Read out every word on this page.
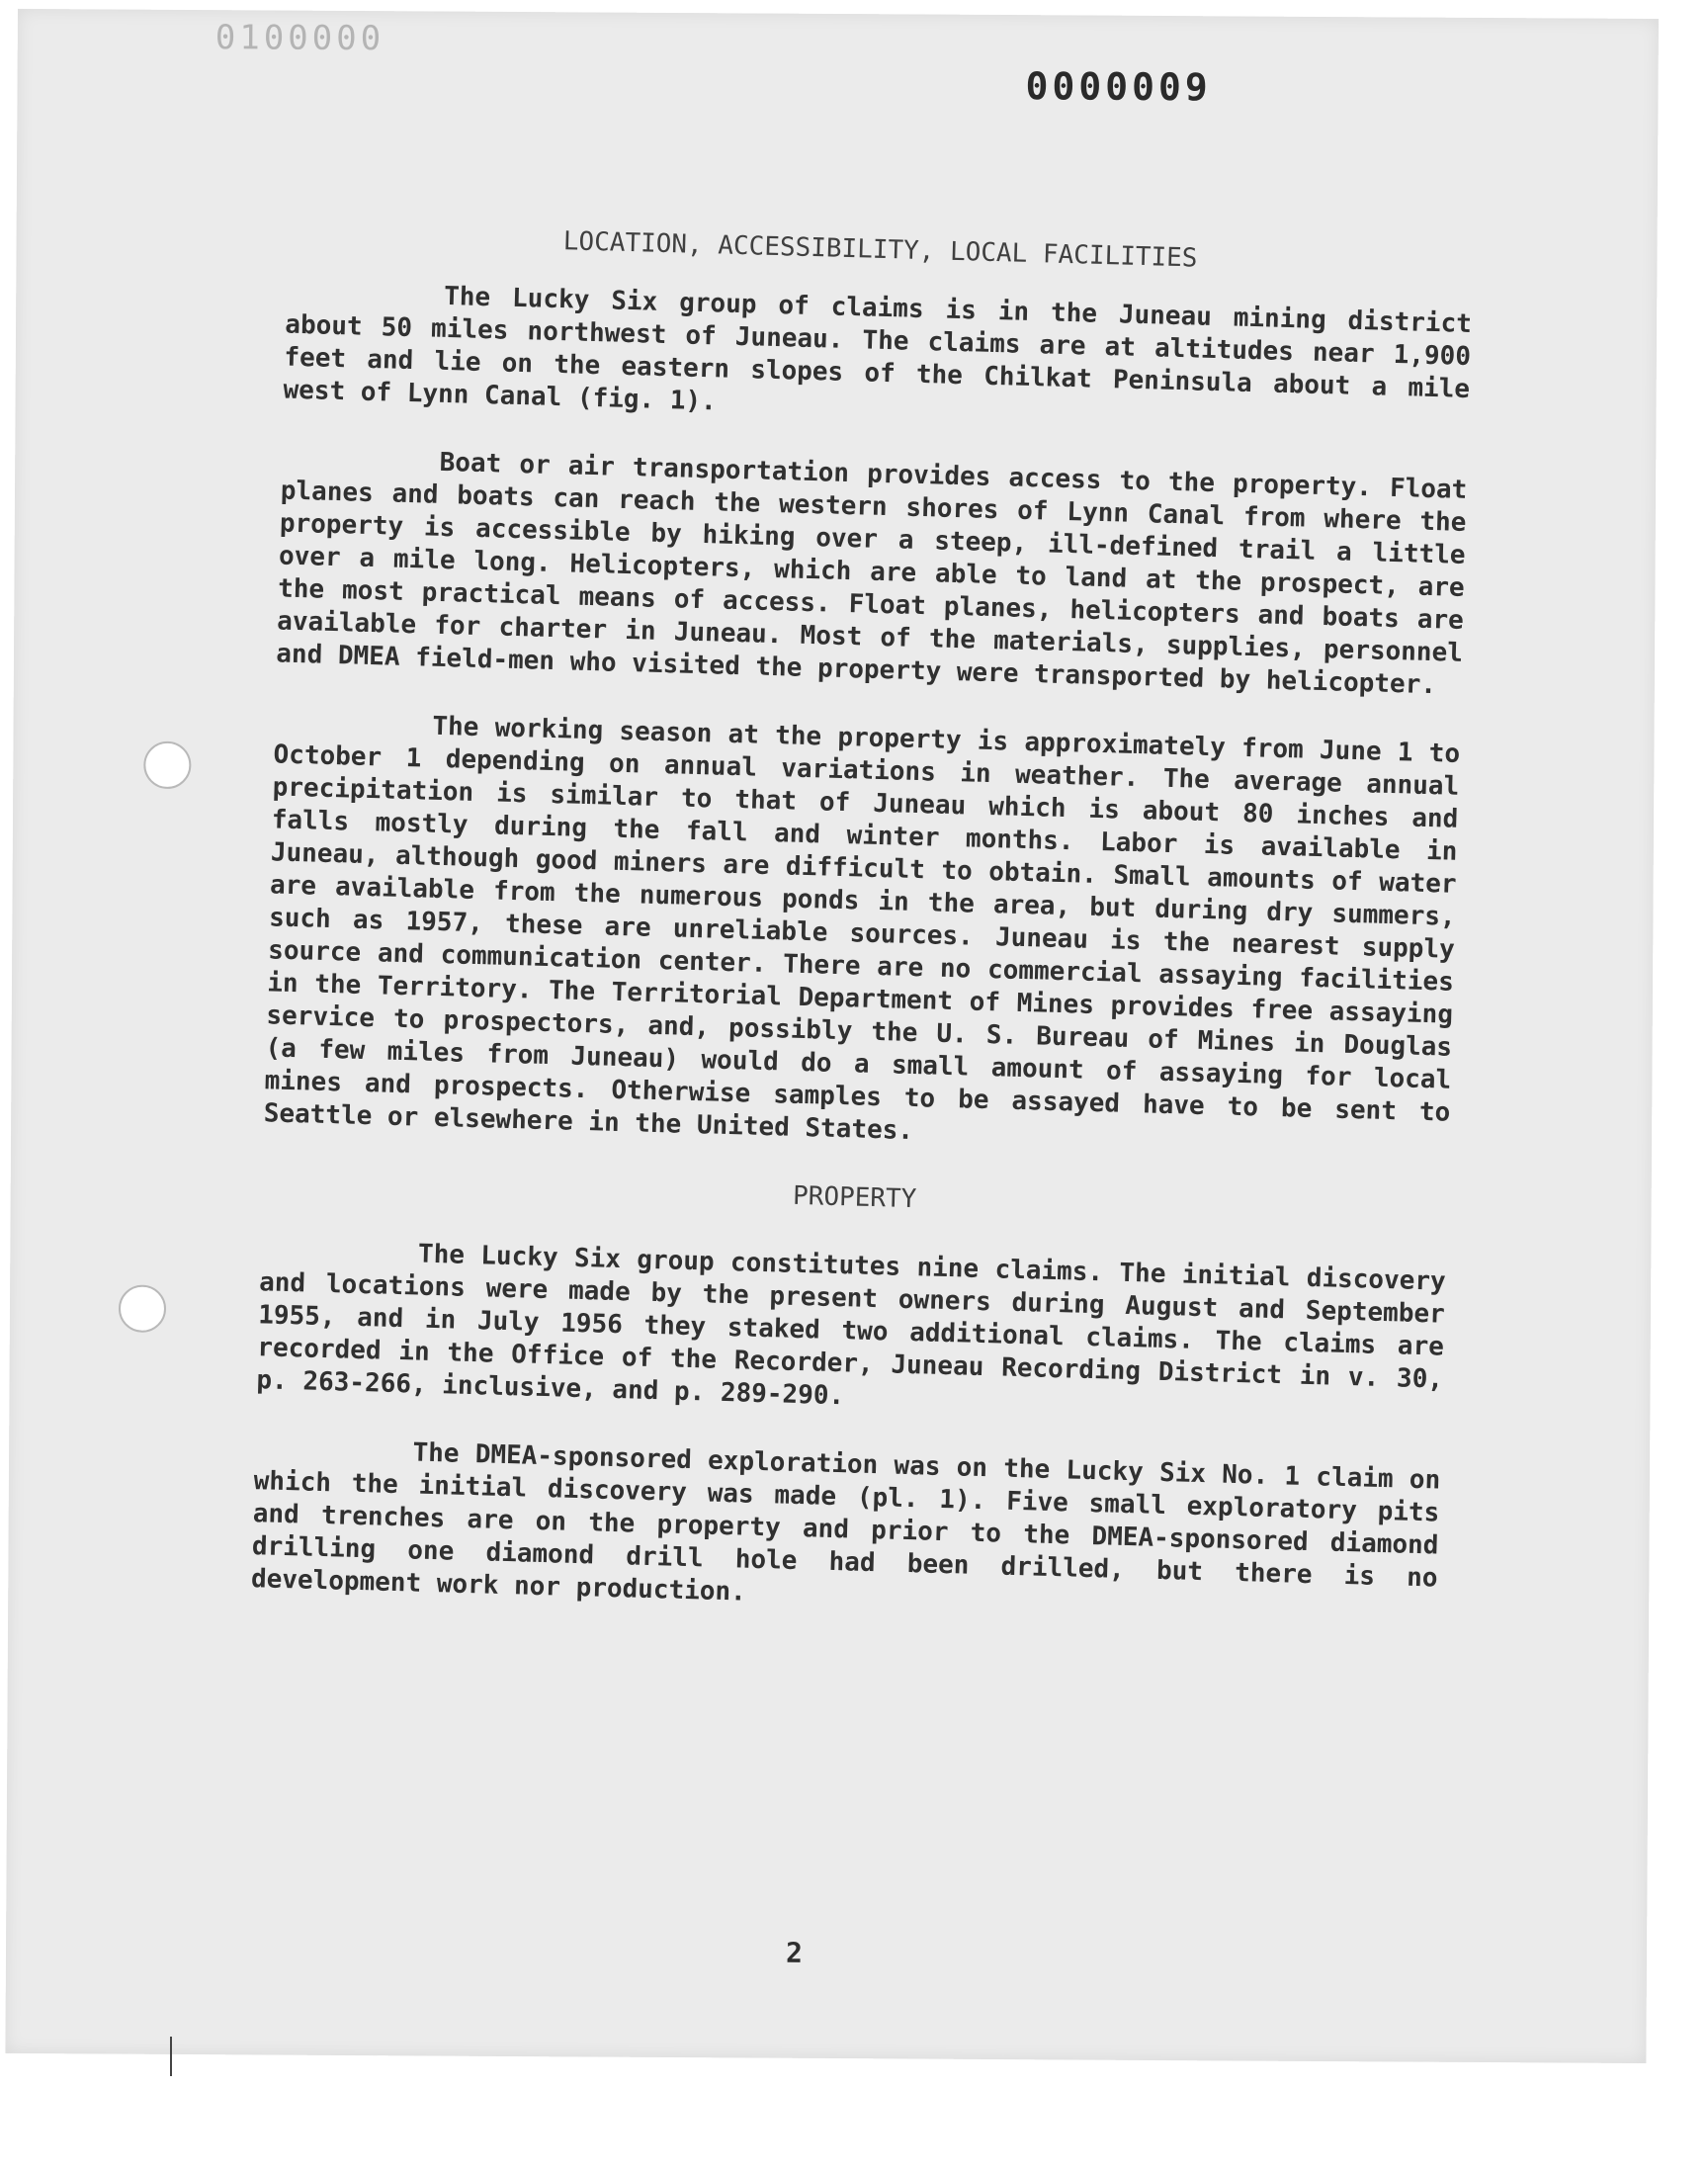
0100000
0000009
LOCATION, ACCESSIBILITY, LOCAL FACILITIES

The Lucky Six group of claims is in the Juneau mining district about 50 miles northwest of Juneau. The claims are at altitudes near 1,900 feet and lie on the eastern slopes of the Chilkat Peninsula about a mile west of Lynn Canal (fig. 1).

Boat or air transportation provides access to the property. Float planes and boats can reach the western shores of Lynn Canal from where the property is accessible by hiking over a steep, ill-defined trail a little over a mile long. Helicopters, which are able to land at the prospect, are the most practical means of access. Float planes, helicopters and boats are available for charter in Juneau. Most of the materials, supplies, personnel and DMEA field-men who visited the property were transported by helicopter.

The working season at the property is approximately from June 1 to October 1 depending on annual variations in weather. The average annual precipitation is similar to that of Juneau which is about 80 inches and falls mostly during the fall and winter months. Labor is available in Juneau, although good miners are difficult to obtain. Small amounts of water are available from the numerous ponds in the area, but during dry summers, such as 1957, these are unreliable sources. Juneau is the nearest supply source and communication center. There are no commercial assaying facilities in the Territory. The Territorial Department of Mines provides free assaying service to prospectors, and, possibly the U. S. Bureau of Mines in Douglas (a few miles from Juneau) would do a small amount of assaying for local mines and prospects. Otherwise samples to be assayed have to be sent to Seattle or elsewhere in the United States.

PROPERTY

The Lucky Six group constitutes nine claims. The initial discovery and locations were made by the present owners during August and September 1955, and in July 1956 they staked two additional claims. The claims are recorded in the Office of the Recorder, Juneau Recording District in v. 30, p. 263-266, inclusive, and p. 289-290.

The DMEA-sponsored exploration was on the Lucky Six No. 1 claim on which the initial discovery was made (pl. 1). Five small exploratory pits and trenches are on the property and prior to the DMEA-sponsored diamond drilling one diamond drill hole had been drilled, but there is no development work nor production.

2
